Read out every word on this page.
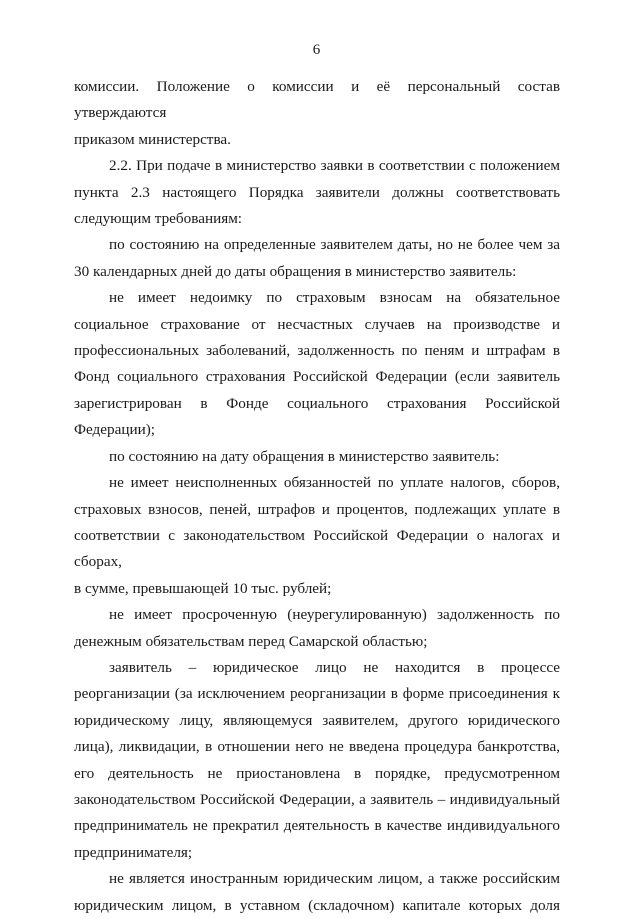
6

комиссии. Положение о комиссии и её персональный состав утверждаются
приказом министерства.

2.2. При подаче в министерство заявки в соответствии с положением
пункта 2.3 настоящего Порядка заявители должны соответствовать
следующим требованиям:

по состоянию на определенные заявителем даты, но не более чем за
30 календарных дней до даты обращения в министерство заявитель:

не имеет недоимку по страховым взносам на обязательное
социальное страхование от несчастных случаев на производстве и
профессиональных заболеваний, задолженность по пеням и штрафам в
Фонд социального страхования Российской Федерации (если заявитель
зарегистрирован в Фонде социального страхования Российской
Федерации);

по состоянию на дату обращения в министерство заявитель:

не имеет неисполненных обязанностей по уплате налогов, сборов,
страховых взносов, пеней, штрафов и процентов, подлежащих уплате в
соответствии с законодательством Российской Федерации о налогах и сборах,
в сумме, превышающей 10 тыс. рублей;

не имеет просроченную (неурегулированную) задолженность по
денежным обязательствам перед Самарской областью;

заявитель – юридическое лицо не находится в процессе
реорганизации (за исключением реорганизации в форме присоединения к
юридическому лицу, являющемуся заявителем, другого юридического
лица), ликвидации, в отношении него не введена процедура банкротства,
его деятельность не приостановлена в порядке, предусмотренном
законодательством Российской Федерации, а заявитель – индивидуальный
предприниматель не прекратил деятельность в качестве индивидуального
предпринимателя;

не является иностранным юридическим лицом, а также российским
юридическим лицом, в уставном (складочном) капитале которых доля
